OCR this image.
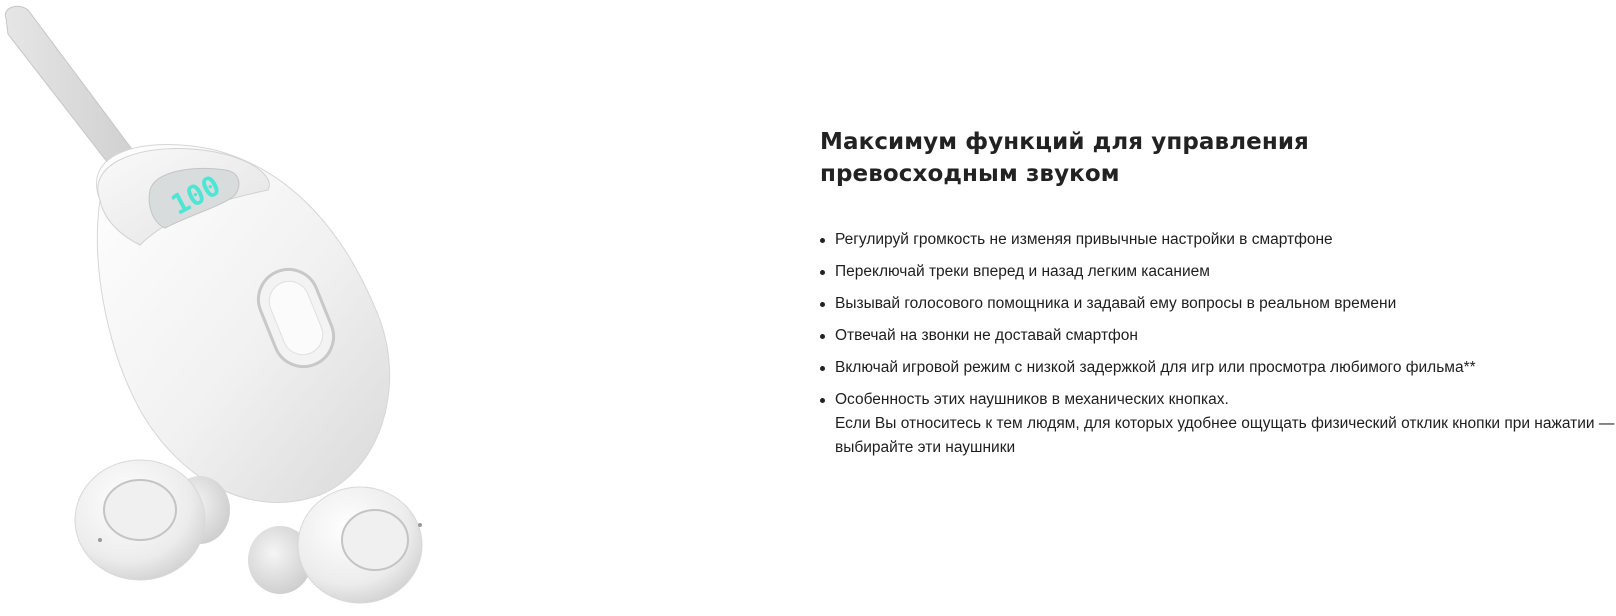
100
Максимум функций для управления
превосходным звуком
Регулируй громкость не изменяя привычные настройки в смартфоне
Переключай треки вперед и назад легким касанием
Вызывай голосового помощника и задавай ему вопросы в реальном времени
Отвечай на звонки не доставай смартфон
Включай игровой режим с низкой задержкой для игр или просмотра любимого фильма**
Особенность этих наушников в механических кнопках.
Если Вы относитесь к тем людям, для которых удобнее ощущать физический отклик кнопки при нажатии — выбирайте эти наушники
